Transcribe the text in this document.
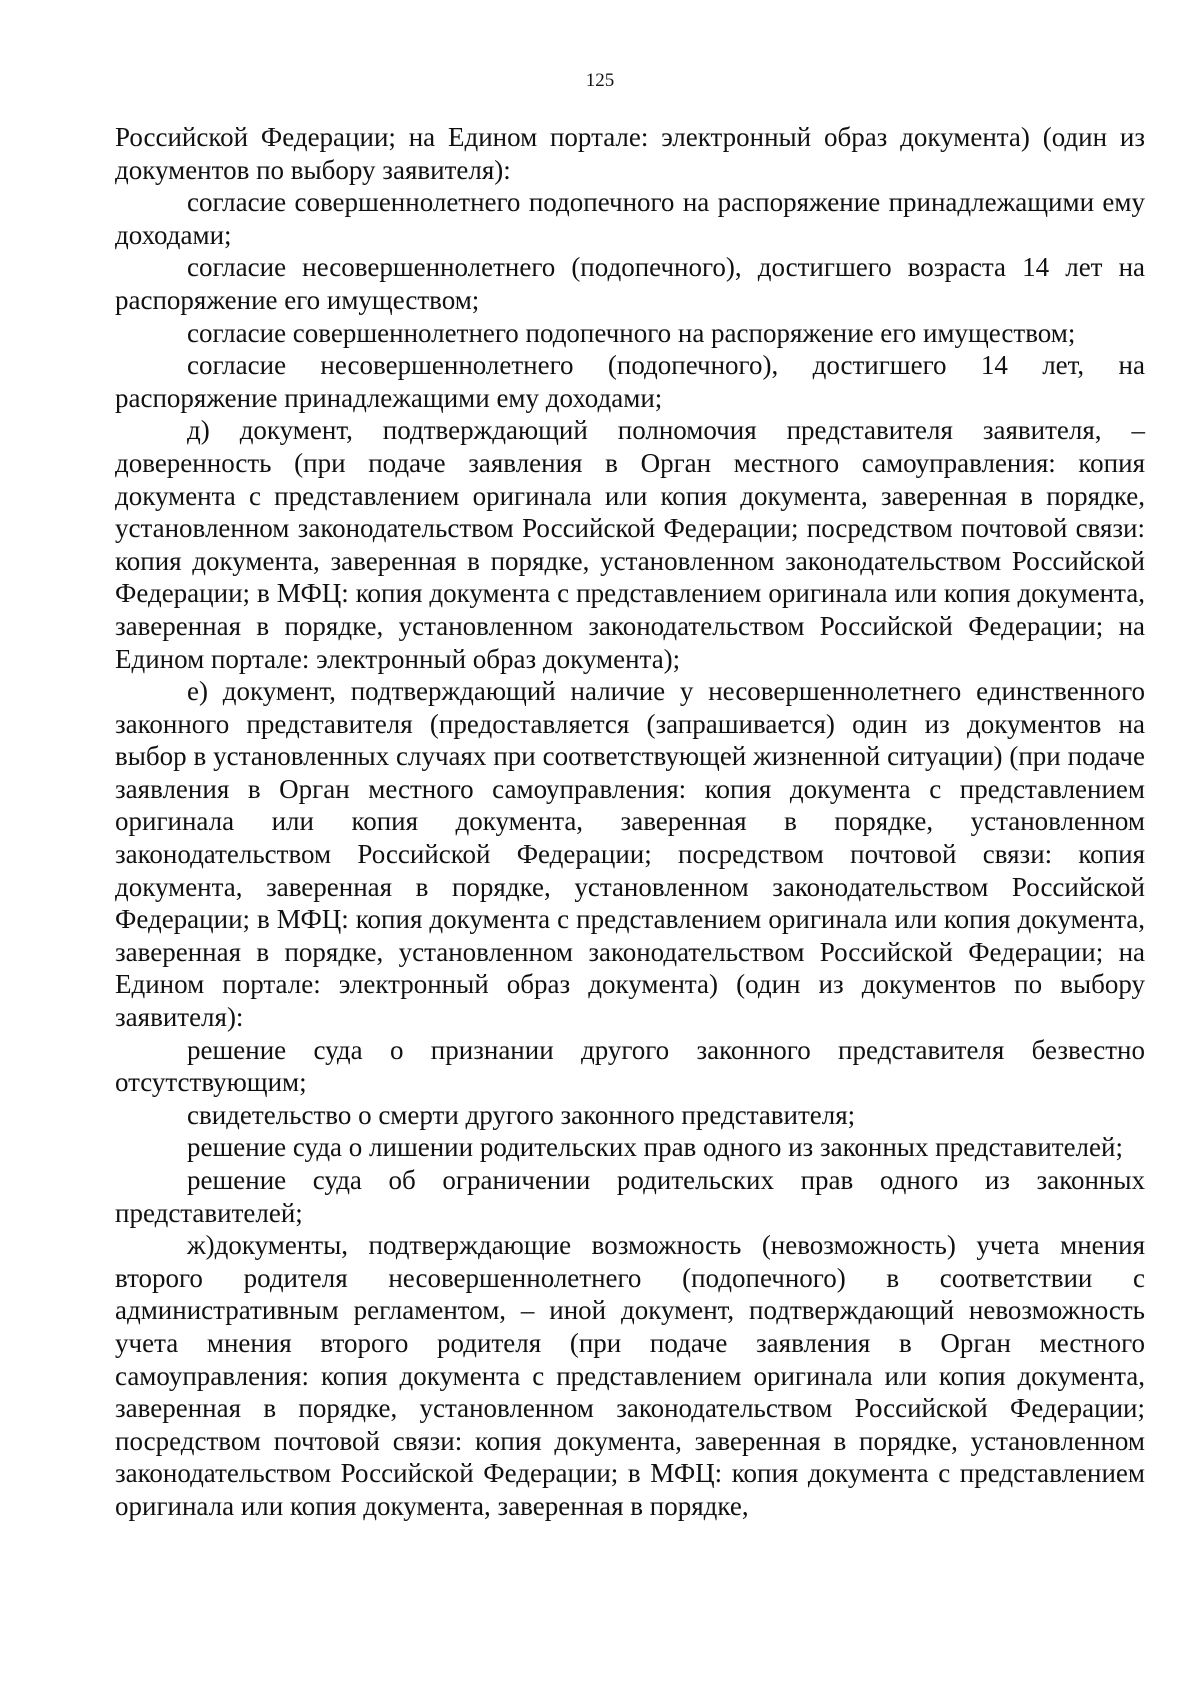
125

Российской Федерации; на Едином портале: электронный образ документа) (один из документов по выбору заявителя):

согласие совершеннолетнего подопечного на распоряжение принадлежащими ему доходами;

согласие несовершеннолетнего (подопечного), достигшего возраста 14 лет на распоряжение его имуществом;

согласие совершеннолетнего подопечного на распоряжение его имуществом;

согласие несовершеннолетнего (подопечного), достигшего 14 лет, на распоряжение принадлежащими ему доходами;

д) документ, подтверждающий полномочия представителя заявителя, – доверенность (при подаче заявления в Орган местного самоуправления: копия документа с представлением оригинала или копия документа, заверенная в порядке, установленном законодательством Российской Федерации; посредством почтовой связи: копия документа, заверенная в порядке, установленном законодательством Российской Федерации; в МФЦ: копия документа с представлением оригинала или копия документа, заверенная в порядке, установленном законодательством Российской Федерации; на Едином портале: электронный образ документа);

е) документ, подтверждающий наличие у несовершеннолетнего единственного законного представителя (предоставляется (запрашивается) один из документов на выбор в установленных случаях при соответствующей жизненной ситуации) (при подаче заявления в Орган местного самоуправления: копия документа с представлением оригинала или копия документа, заверенная в порядке, установленном законодательством Российской Федерации; посредством почтовой связи: копия документа, заверенная в порядке, установленном законодательством Российской Федерации; в МФЦ: копия документа с представлением оригинала или копия документа, заверенная в порядке, установленном законодательством Российской Федерации; на Едином портале: электронный образ документа) (один из документов по выбору заявителя):

решение суда о признании другого законного представителя безвестно отсутствующим;

свидетельство о смерти другого законного представителя;

решение суда о лишении родительских прав одного из законных представителей;

решение суда об ограничении родительских прав одного из законных представителей;

ж)документы, подтверждающие возможность (невозможность) учета мнения второго родителя несовершеннолетнего (подопечного) в соответствии с административным регламентом, – иной документ, подтверждающий невозможность учета мнения второго родителя (при подаче заявления в Орган местного самоуправления: копия документа с представлением оригинала или копия документа, заверенная в порядке, установленном законодательством Российской Федерации; посредством почтовой связи: копия документа, заверенная в порядке, установленном законодательством Российской Федерации; в МФЦ: копия документа с представлением оригинала или копия документа, заверенная в порядке,
